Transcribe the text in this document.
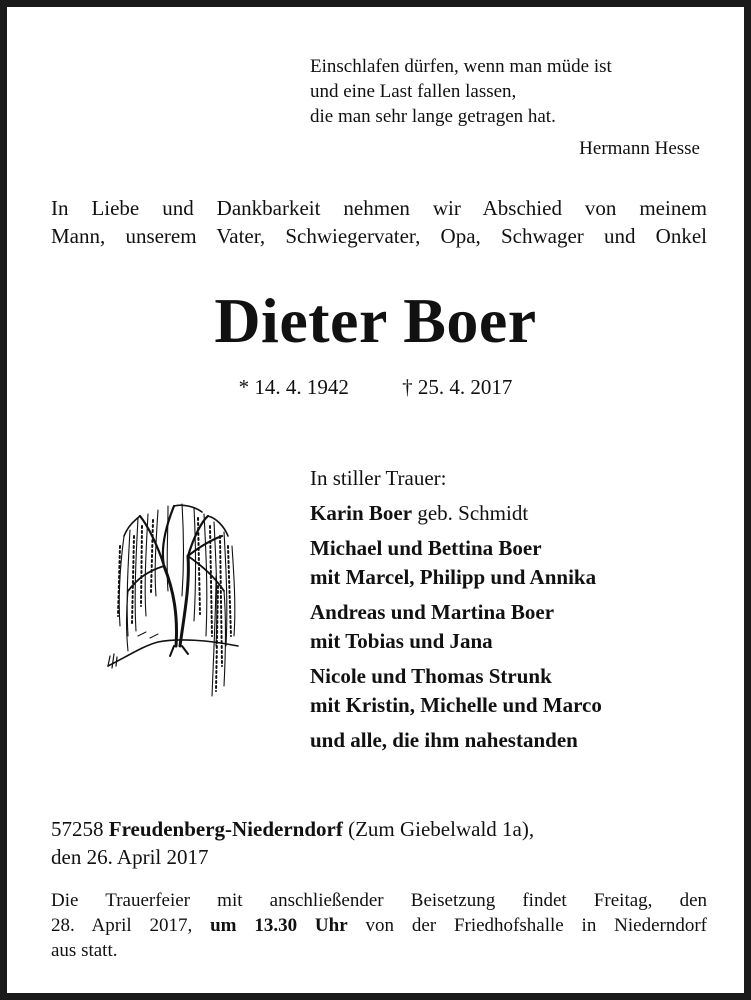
Einschlafen dürfen, wenn man müde ist
und eine Last fallen lassen,
die man sehr lange getragen hat.
Hermann Hesse
In Liebe und Dankbarkeit nehmen wir Abschied von meinem
Mann, unserem Vater, Schwiegervater, Opa, Schwager und Onkel
Dieter Boer
* 14. 4. 1942	† 25. 4. 2017
In stiller Trauer:
Karin Boer geb. Schmidt
Michael und Bettina Boer
mit Marcel, Philipp und Annika
Andreas und Martina Boer
mit Tobias und Jana
Nicole und Thomas Strunk
mit Kristin, Michelle und Marco
und alle, die ihm nahestanden
57258 Freudenberg-Niederndorf (Zum Giebelwald 1a),
den 26. April 2017
Die Trauerfeier mit anschließender Beisetzung findet Freitag, den
28. April 2017, um 13.30 Uhr von der Friedhofshalle in Niederndorf
aus statt.
